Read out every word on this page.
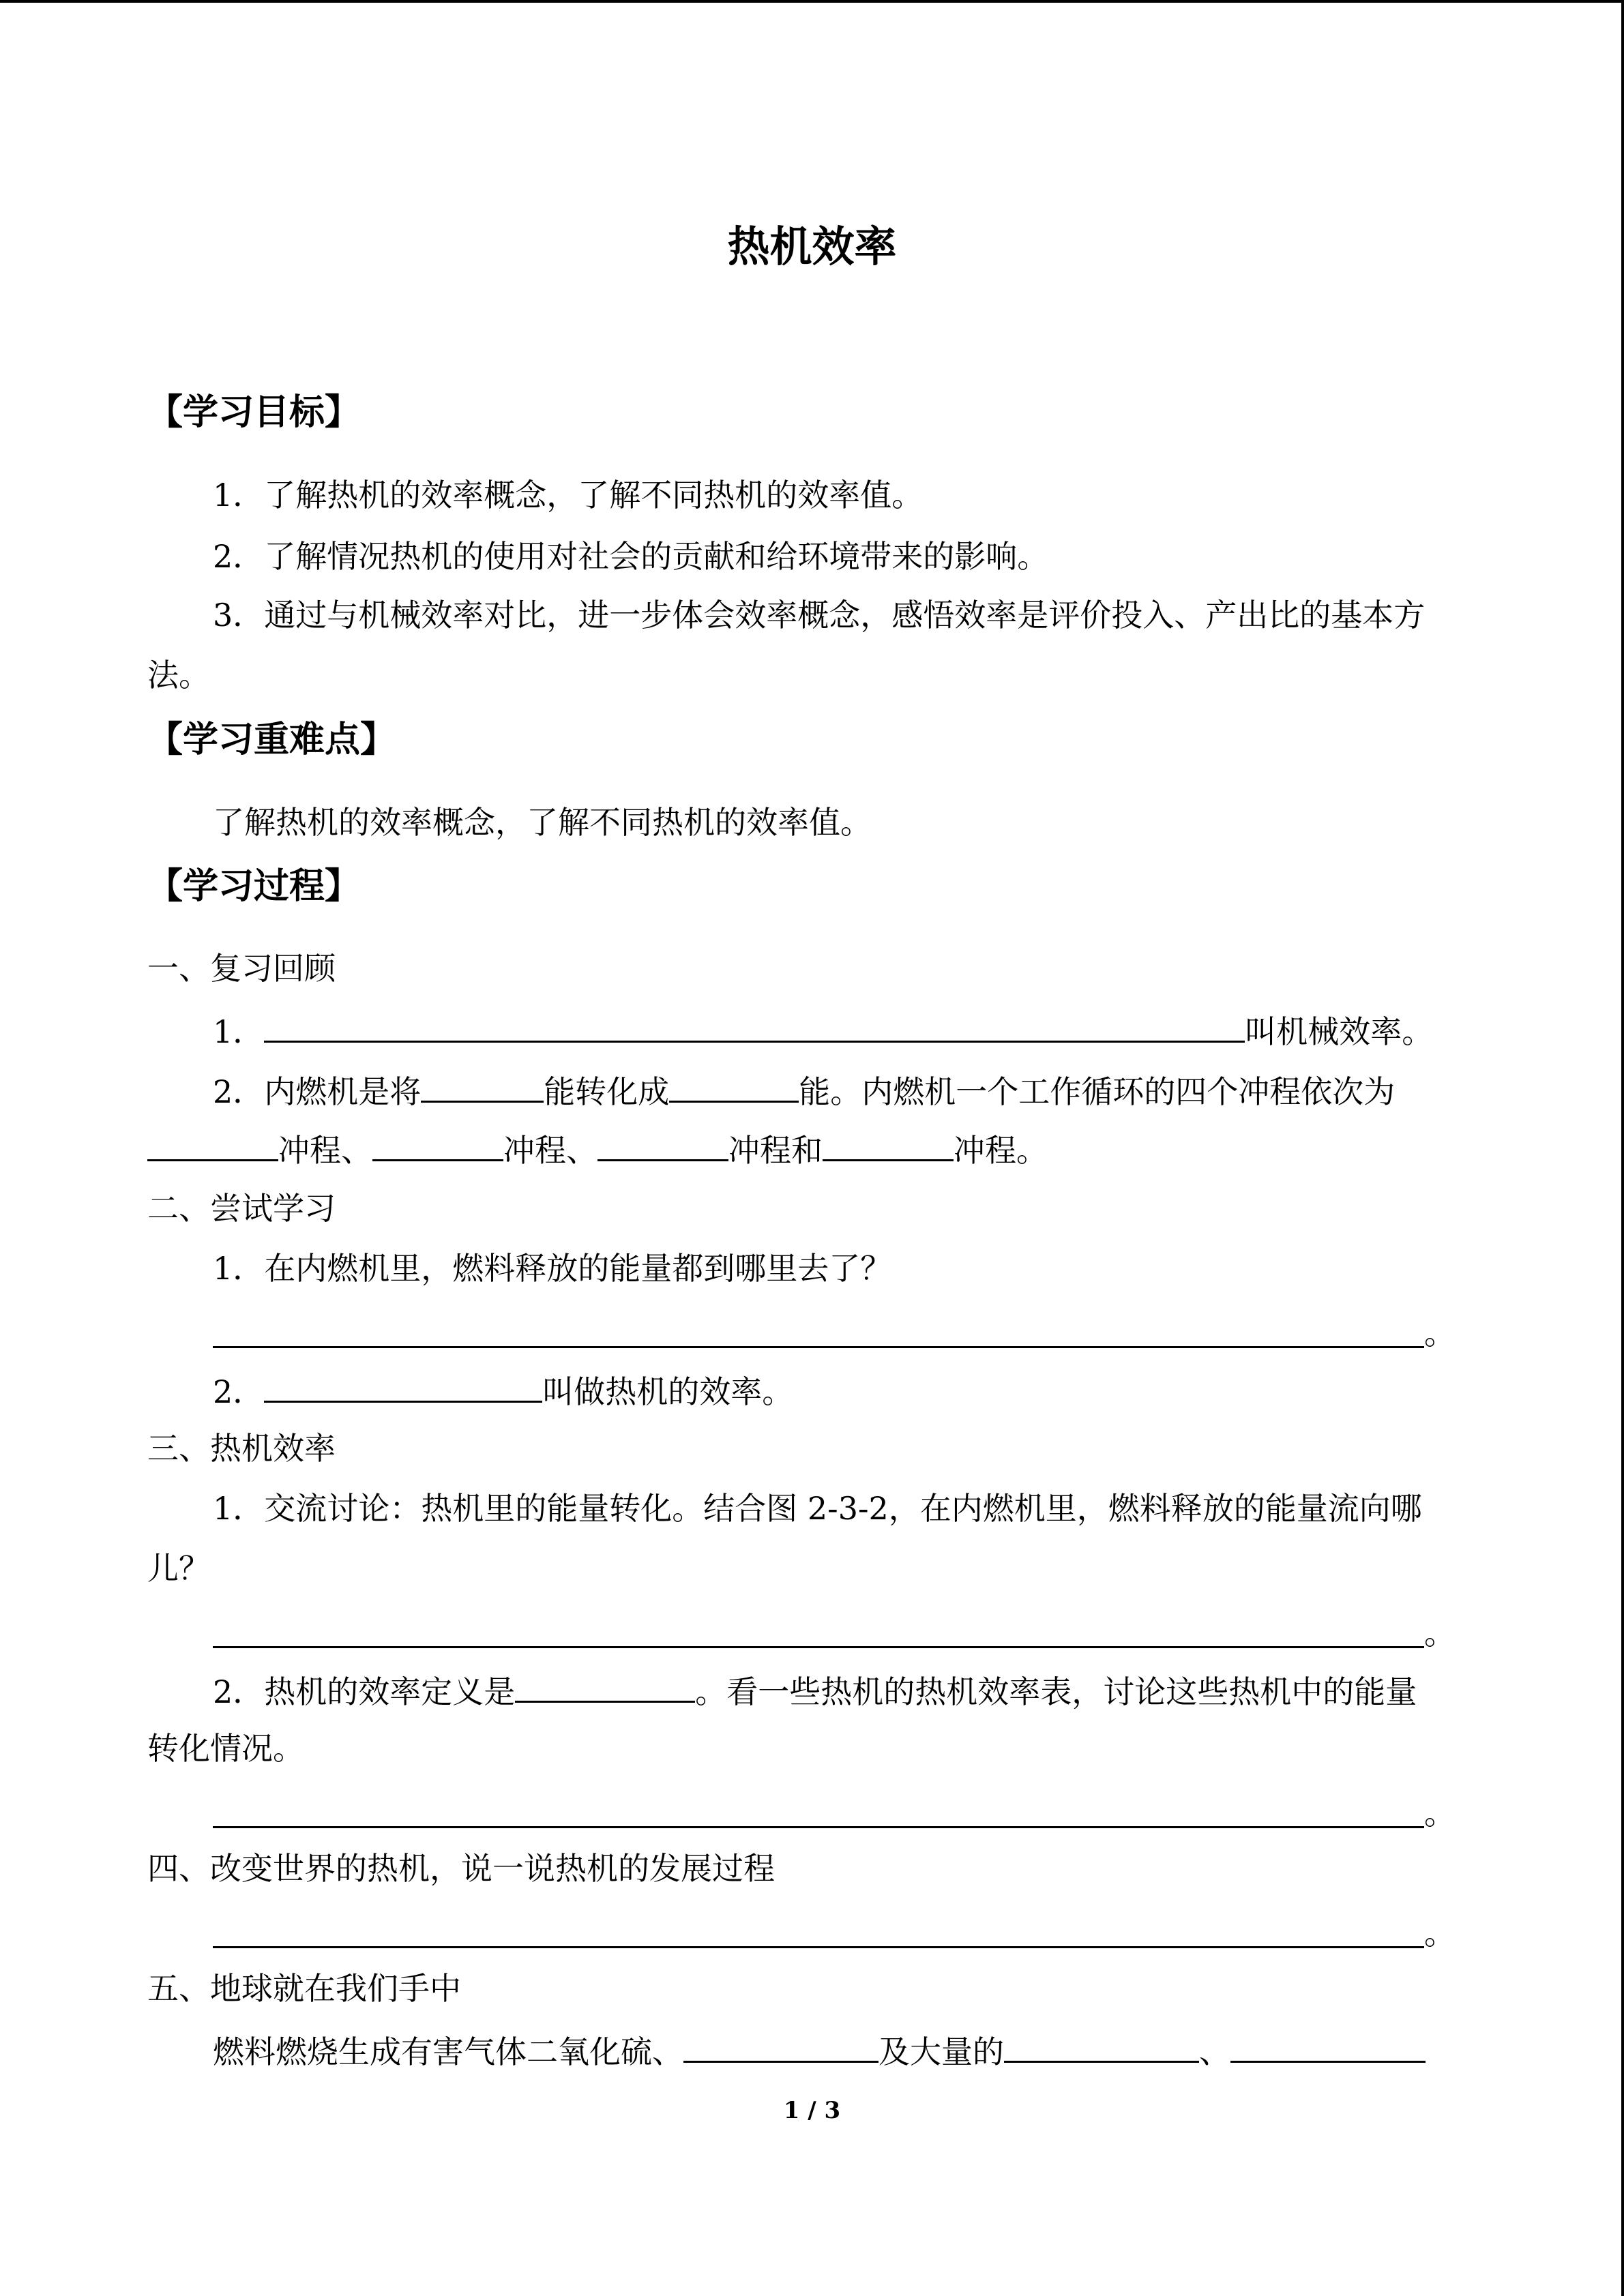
热机效率
【学习目标】
1．了解热机的效率概念，了解不同热机的效率值。
2．了解情况热机的使用对社会的贡献和给环境带来的影响。
3．通过与机械效率对比，进一步体会效率概念，感悟效率是评价投入、产出比的基本方
法。
【学习重难点】
了解热机的效率概念，了解不同热机的效率值。
【学习过程】
一、复习回顾
1．	叫机械效率。
2．内燃机是将	能转化成	能。内燃机一个工作循环的四个冲程依次为
冲程、	冲程、	冲程和	冲程。
二、尝试学习
1．在内燃机里，燃料释放的能量都到哪里去了？
。
2．	叫做热机的效率。
三、热机效率
1．交流讨论：热机里的能量转化。结合图 2-3-2，在内燃机里，燃料释放的能量流向哪
儿？
。
2．热机的效率定义是	。看一些热机的热机效率表，讨论这些热机中的能量
转化情况。
。
四、改变世界的热机，说一说热机的发展过程
。
五、地球就在我们手中
燃料燃烧生成有害气体二氧化硫、	及大量的	、
1 / 3
